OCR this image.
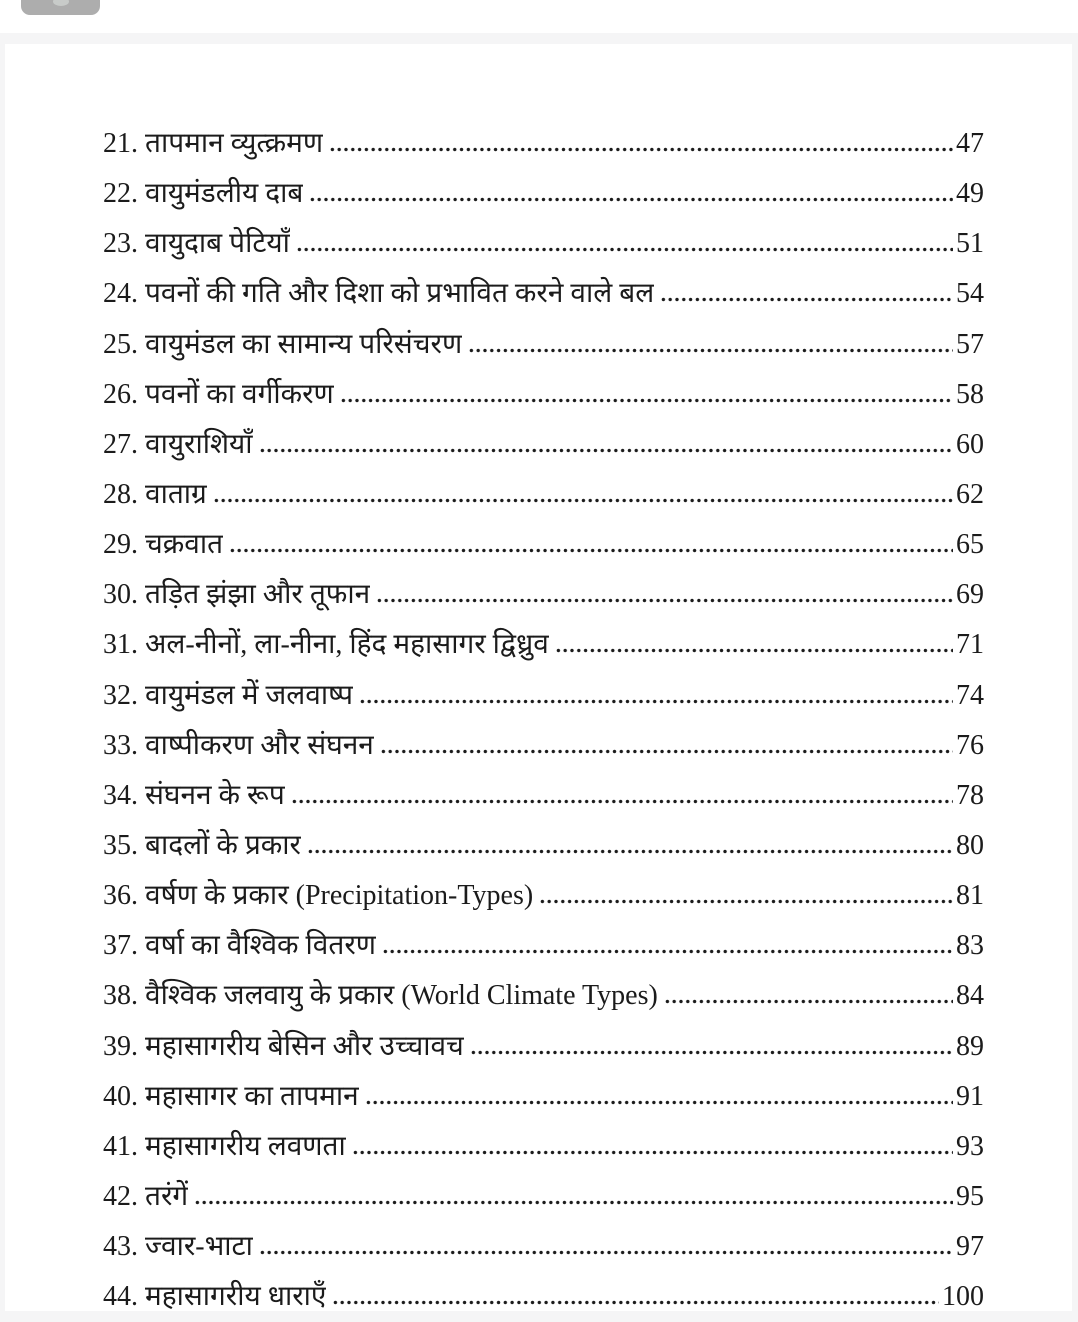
21. तापमान व्युत्क्रमण	47
22. वायुमंडलीय दाब	49
23. वायुदाब पेटियाँ	51
24. पवनों की गति और दिशा को प्रभावित करने वाले बल	54
25. वायुमंडल का सामान्य परिसंचरण	57
26. पवनों का वर्गीकरण	58
27. वायुराशियाँ	60
28. वाताग्र	62
29. चक्रवात	65
30. तड़ित झंझा और तूफान	69
31. अल-नीनों, ला-नीना, हिंद महासागर द्विध्रुव	71
32. वायुमंडल में जलवाष्प	74
33. वाष्पीकरण और संघनन	76
34. संघनन के रूप	78
35. बादलों के प्रकार	80
36. वर्षण के प्रकार (Precipitation-Types)	81
37. वर्षा का वैश्विक वितरण	83
38. वैश्विक जलवायु के प्रकार (World Climate Types)	84
39. महासागरीय बेसिन और उच्चावच	89
40. महासागर का तापमान	91
41. महासागरीय लवणता	93
42. तरंगें	95
43. ज्वार-भाटा	97
44. महासागरीय धाराएँ	100
